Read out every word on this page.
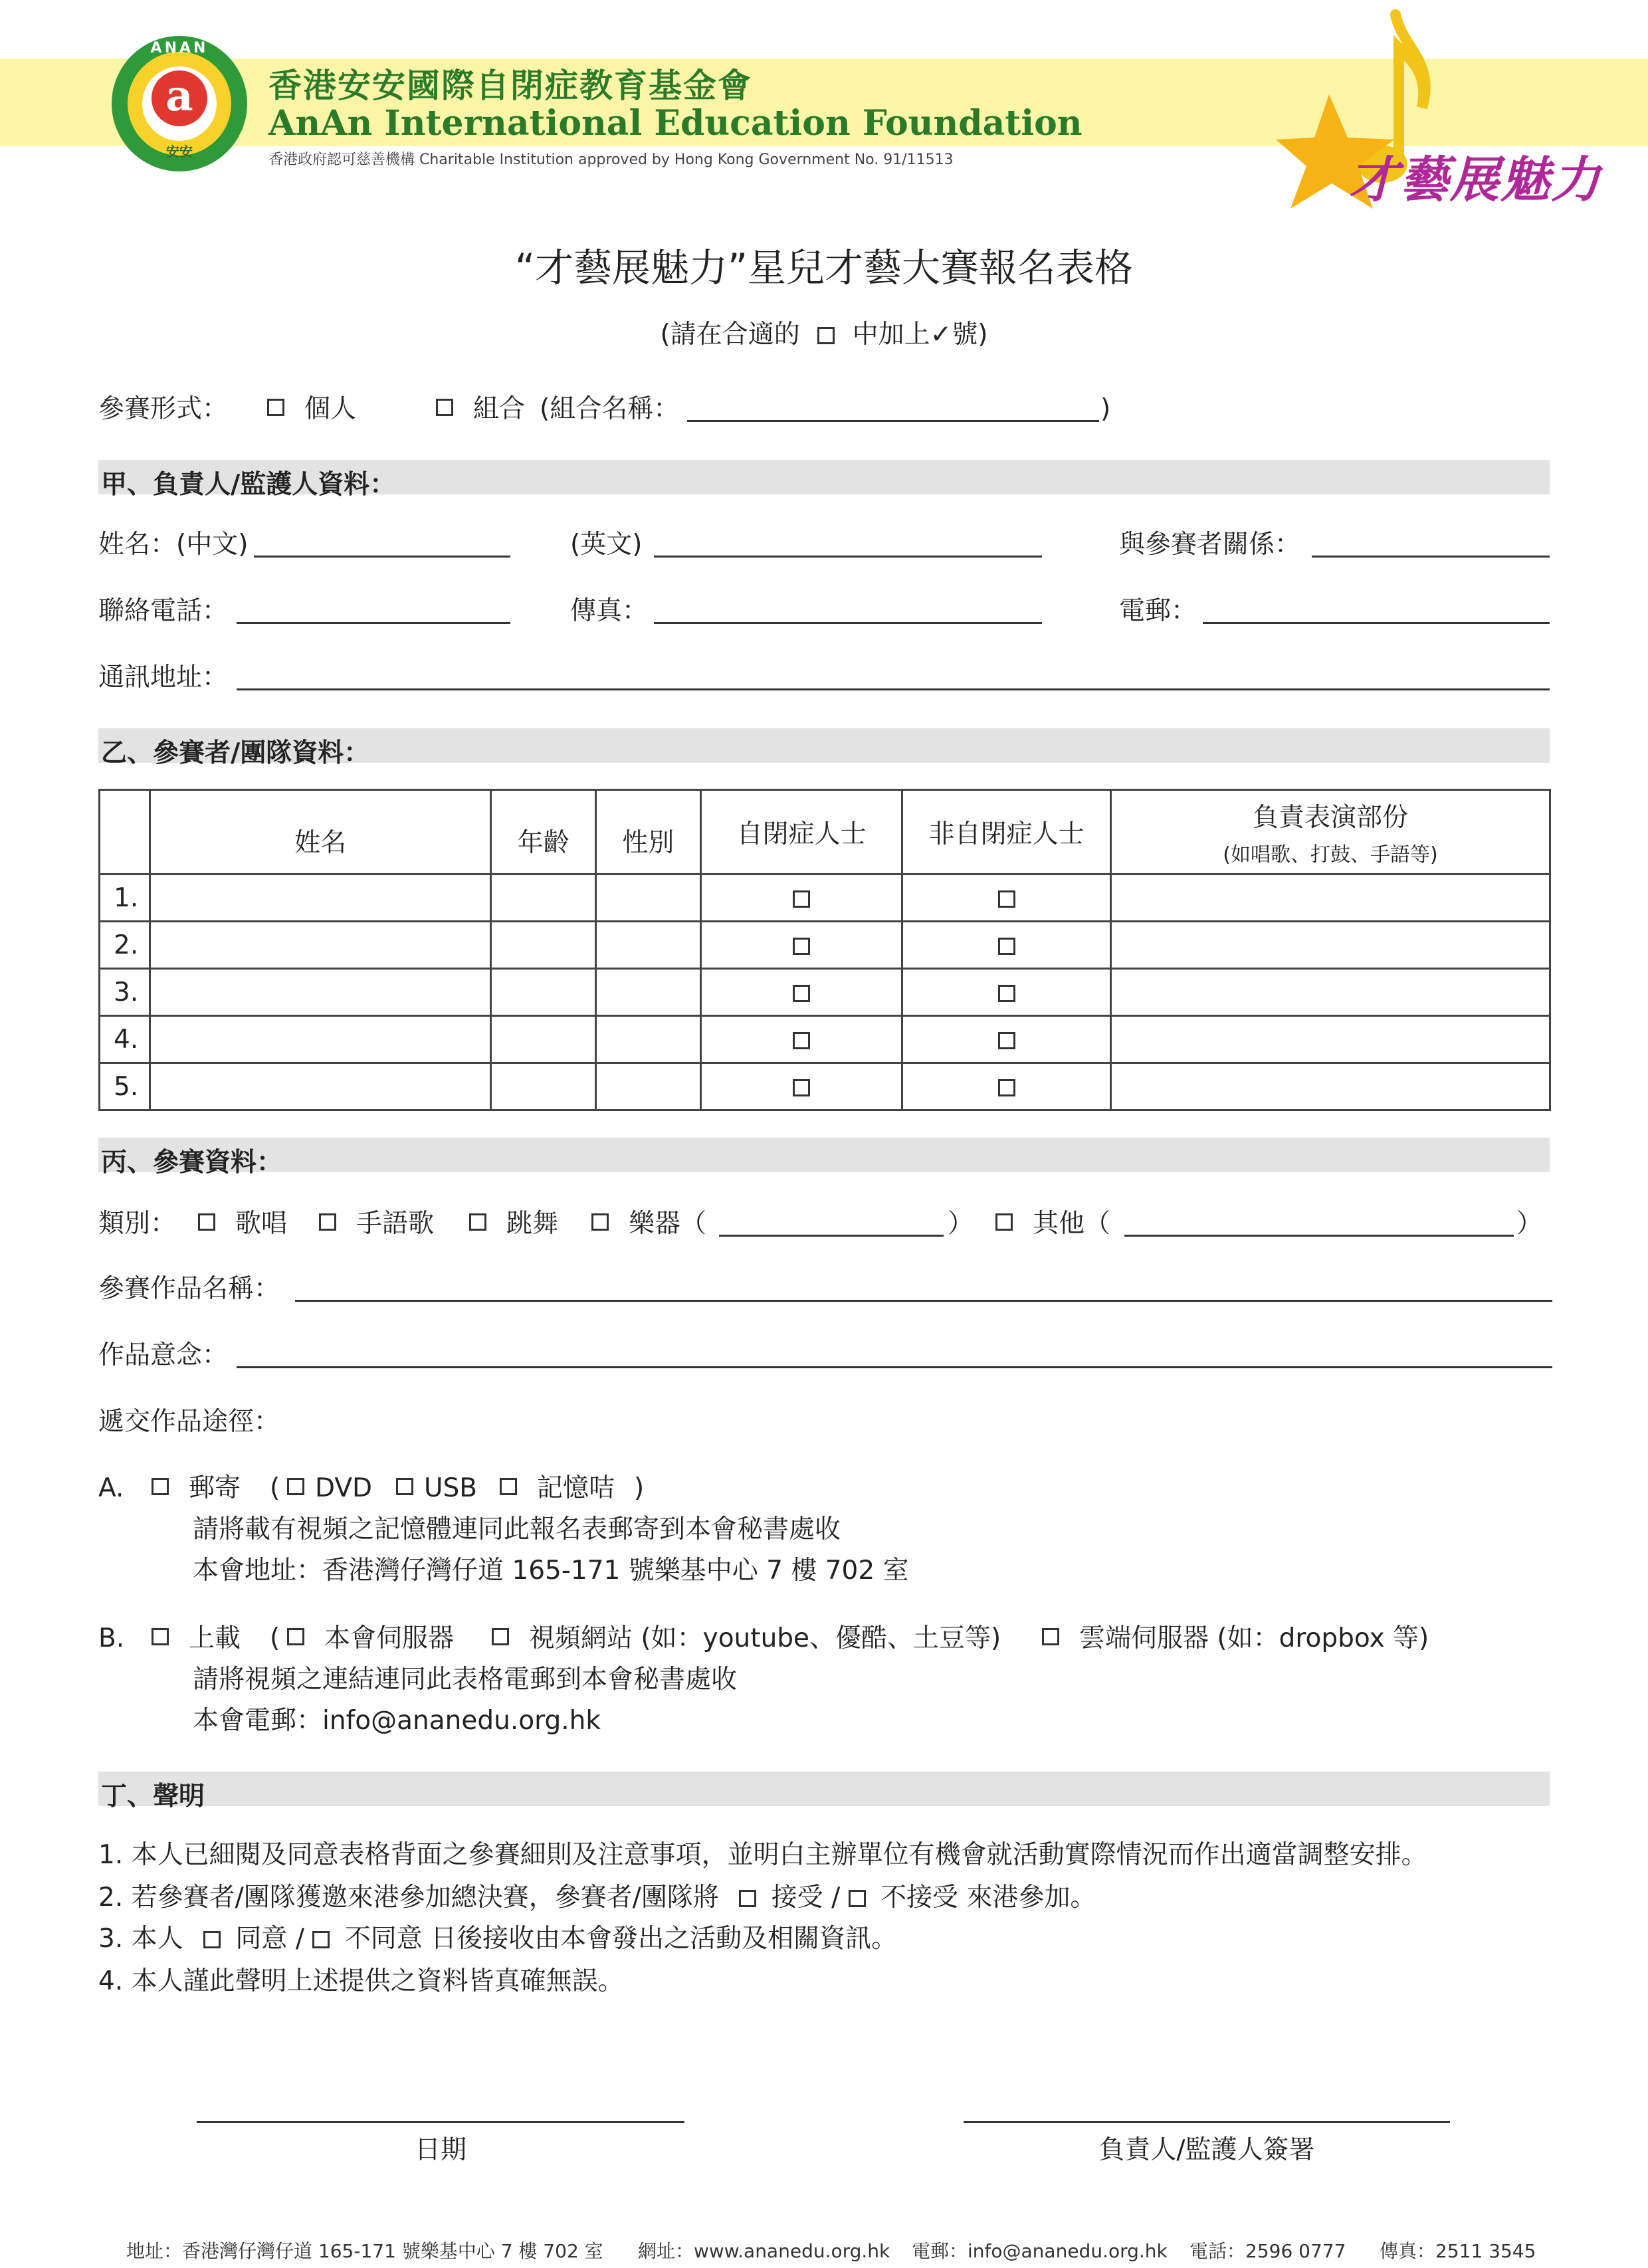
a
ANAN
安安
香港安安國際自閉症教育基金會
AnAn International Education Foundation
香港政府認可慈善機構 Charitable Institution approved by Hong Kong Government No. 91/11513	才藝展魅力
“才藝展魅力”星兒才藝大賽報名表格
(請在合適的 中加上✓號)
參賽形式：	個人	組合 (組合名稱：	)
甲、負責人/監護人資料：
姓名：(中文)	(英文)	與參賽者關係：
聯絡電話：	傳真：	電郵：
通訊地址：
乙、參賽者/團隊資料：
	姓名	年齡	性別	自閉症人士	非自閉症人士	負責表演部份
(如唱歌、打鼓、手語等)

1.						
2.						
3.						
4.						
5.						
丙、參賽資料：
類別： 歌唱	手語歌	跳舞	樂器（	） 其他（	）
參賽作品名稱：
作品意念：
遞交作品途徑：
A.	郵寄 ( DVD USB 記憶咭 )
請將載有視頻之記憶體連同此報名表郵寄到本會秘書處收
本會地址：香港灣仔灣仔道 165-171 號樂基中心 7 樓 702 室
B. 上載 ( 本會伺服器	視頻網站 (如：youtube、優酷、土豆等)	雲端伺服器 (如：dropbox 等)
請將視頻之連結連同此表格電郵到本會秘書處收
本會電郵：info@ananedu.org.hk
丁、聲明
1. 本人已細閱及同意表格背面之參賽細則及注意事項，並明白主辦單位有機會就活動實際情況而作出適當調整安排。
2. 若參賽者/團隊獲邀來港參加總決賽，參賽者/團隊將 接受 / 不接受 來港參加。
3. 本人 同意 / 不同意 日後接收由本會發出之活動及相關資訊。
4. 本人謹此聲明上述提供之資料皆真確無誤。
日期	負責人/監護人簽署
地址：香港灣仔灣仔道 165-171 號樂基中心 7 樓 702 室 網址：www.ananedu.org.hk 電郵：info@ananedu.org.hk 電話：2596 0777 傳真：2511 3545
